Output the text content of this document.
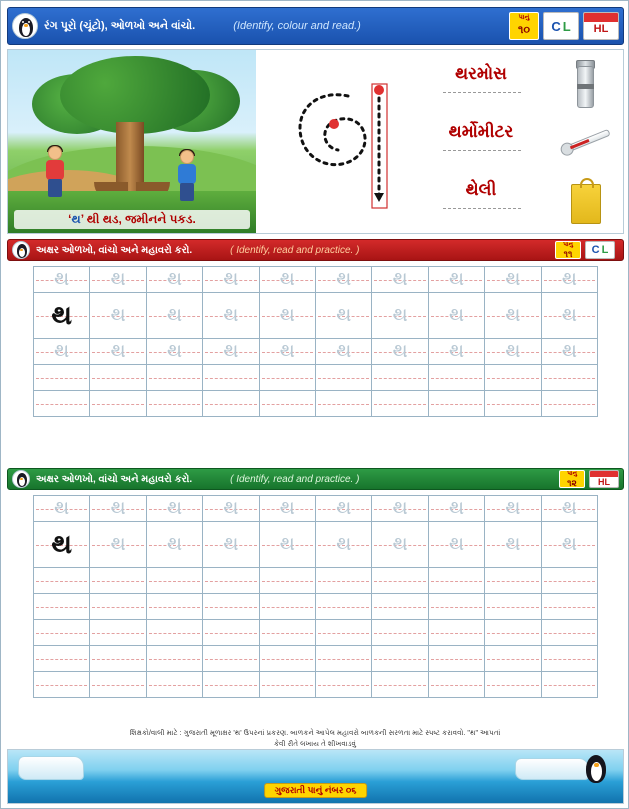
રંગ પૂરો (ચૂંટો), ઓળખો અને વાંચો.	(Identify, colour and read.)
પાનું
૧૦	C L	HL
‘થ’ થી થડ, જમીનને પકડ.
થરમોસ
થર્મોમીટર
થેલી
અક્ષર ઓળખો, વાંચો અને મહાવરો કરો.	( Identify, read and practice. )	પાનું
૧૧	C L
થ	થ	થ	થ	થ	થ	થ	થ	થ	થ
થ	થ	થ	થ	થ	થ	થ	થ	થ	થ
થ	થ	થ	થ	થ	થ	થ	થ	થ	થ
અક્ષર ઓળખો, વાંચો અને મહાવરો કરો.	( Identify, read and practice. )	પાનું
૧૨	HL
થ	થ	થ	થ	થ	થ	થ	થ	થ	થ
થ	થ	થ	થ	થ	થ	થ	થ	થ	થ
શિક્ષકો/વાલી માટે : ગુજરાતી મૂળાક્ષર 'થ' ઉપરનાં પ્રકરણ. બાળકને આપેલ મહાવરો બાળકની સરળતા માટે સ્પષ્ટ કરાવવો. "થ" આપતાં
કેવી રીતે લખાય તે શીખવાડવું
ગુજરાતી પાનું નંબર ૦૬
